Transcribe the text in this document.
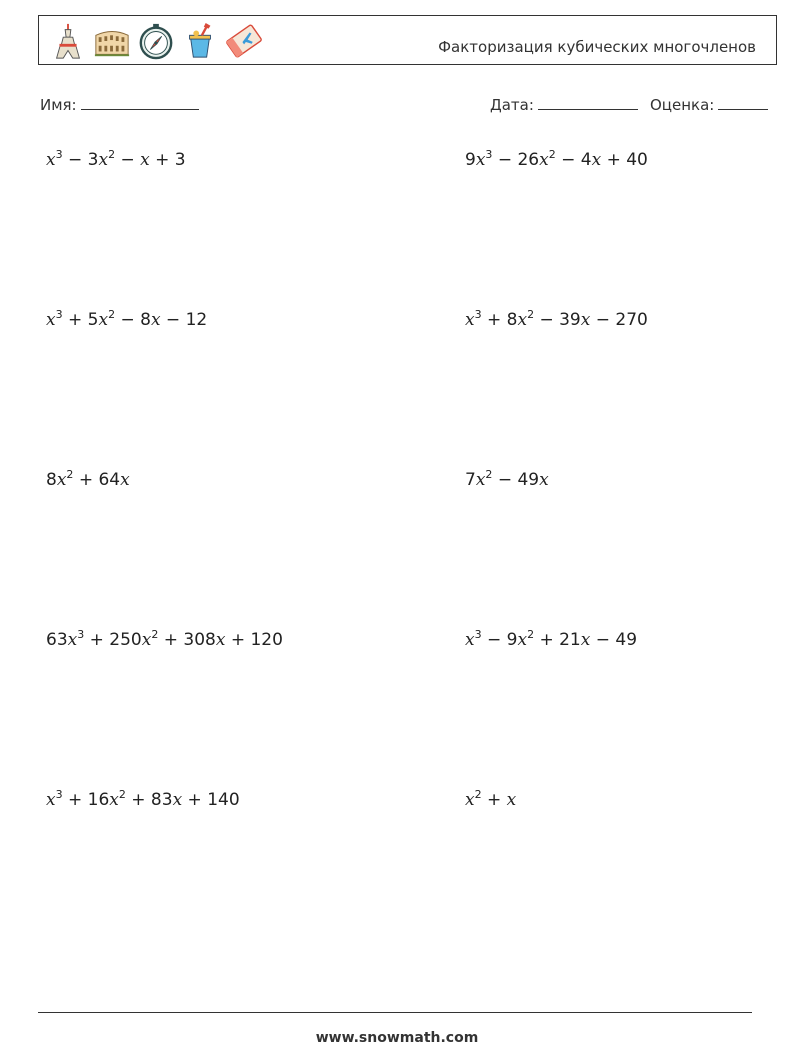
Факторизация кубических многочленов
Имя:	Дата:	Оценка:
$x^3 - 3x^2 - x + 3$	$9x^3 - 26x^2 - 4x + 40$
$x^3 + 5x^2 - 8x - 12$	$x^3 + 8x^2 - 39x - 270$
$8x^2 + 64x$	$7x^2 - 49x$
$63x^3 + 250x^2 + 308x + 120$	$x^3 - 9x^2 + 21x - 49$
$x^3 + 16x^2 + 83x + 140$	$x^2 + x$
www.snowmath.com
